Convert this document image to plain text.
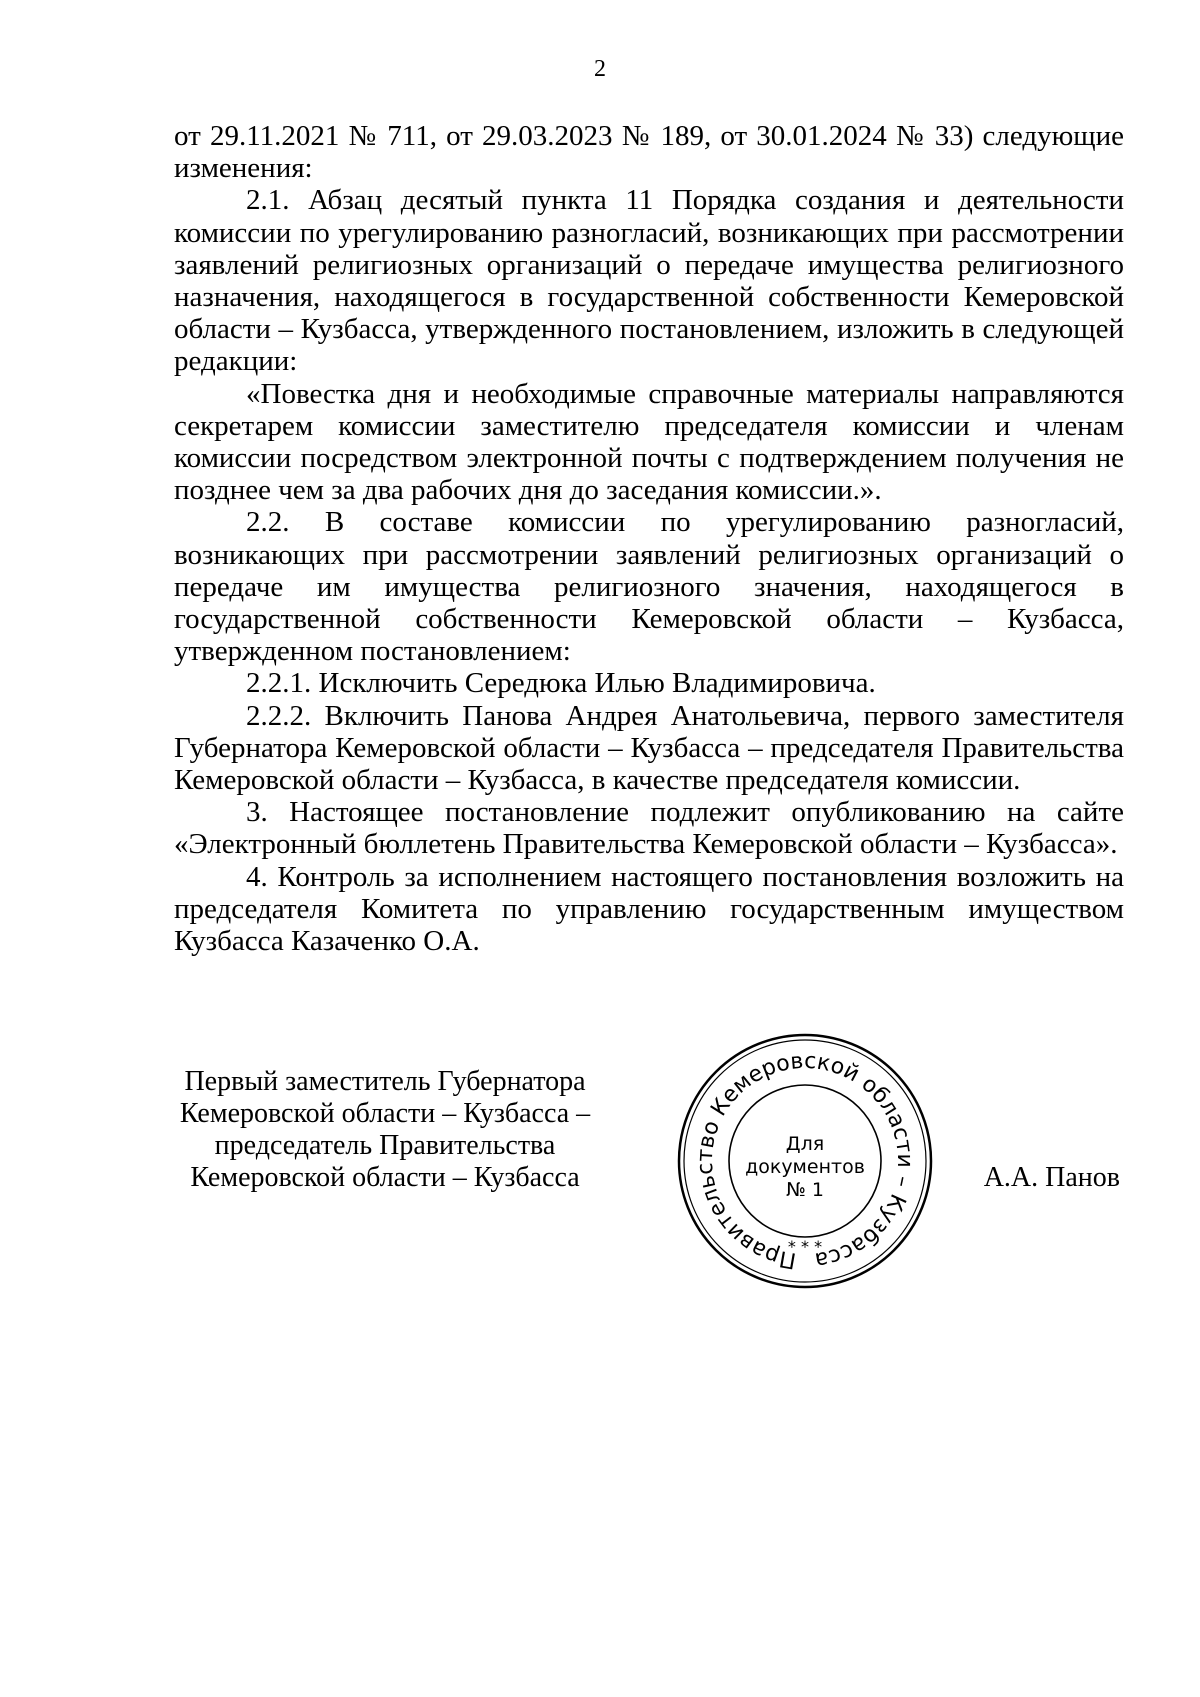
2

от 29.11.2021 № 711, от 29.03.2023 № 189, от 30.01.2024 № 33) следующие изменения:

2.1. Абзац десятый пункта 11 Порядка создания и деятельности комиссии по урегулированию разногласий, возникающих при рассмотрении заявлений религиозных организаций о передаче имущества религиозного назначения, находящегося в государственной собственности Кемеровской области – Кузбасса, утвержденного постановлением, изложить в следующей редакции:

«Повестка дня и необходимые справочные материалы направляются секретарем комиссии заместителю председателя комиссии и членам комиссии посредством электронной почты с подтверждением получения не позднее чем за два рабочих дня до заседания комиссии.».

2.2. В составе комиссии по урегулированию разногласий, возникающих при рассмотрении заявлений религиозных организаций о передаче им имущества религиозного значения, находящегося в государственной собственности Кемеровской области – Кузбасса, утвержденном постановлением:

2.2.1. Исключить Середюка Илью Владимировича.

2.2.2. Включить Панова Андрея Анатольевича, первого заместителя Губернатора Кемеровской области – Кузбасса – председателя Правительства Кемеровской области – Кузбасса, в качестве председателя комиссии.

3. Настоящее постановление подлежит опубликованию на сайте «Электронный бюллетень Правительства Кемеровской области – Кузбасса».

4. Контроль за исполнением настоящего постановления возложить на председателя Комитета по управлению государственным имуществом Кузбасса Казаченко О.А.

Первый заместитель Губернатора
Кемеровской области – Кузбасса –
председатель Правительства
Кемеровской области – Кузбасса
Правительство Кемеровской области – Кузбасса
* * *
Для
документов
№ 1	А.А. Панов
